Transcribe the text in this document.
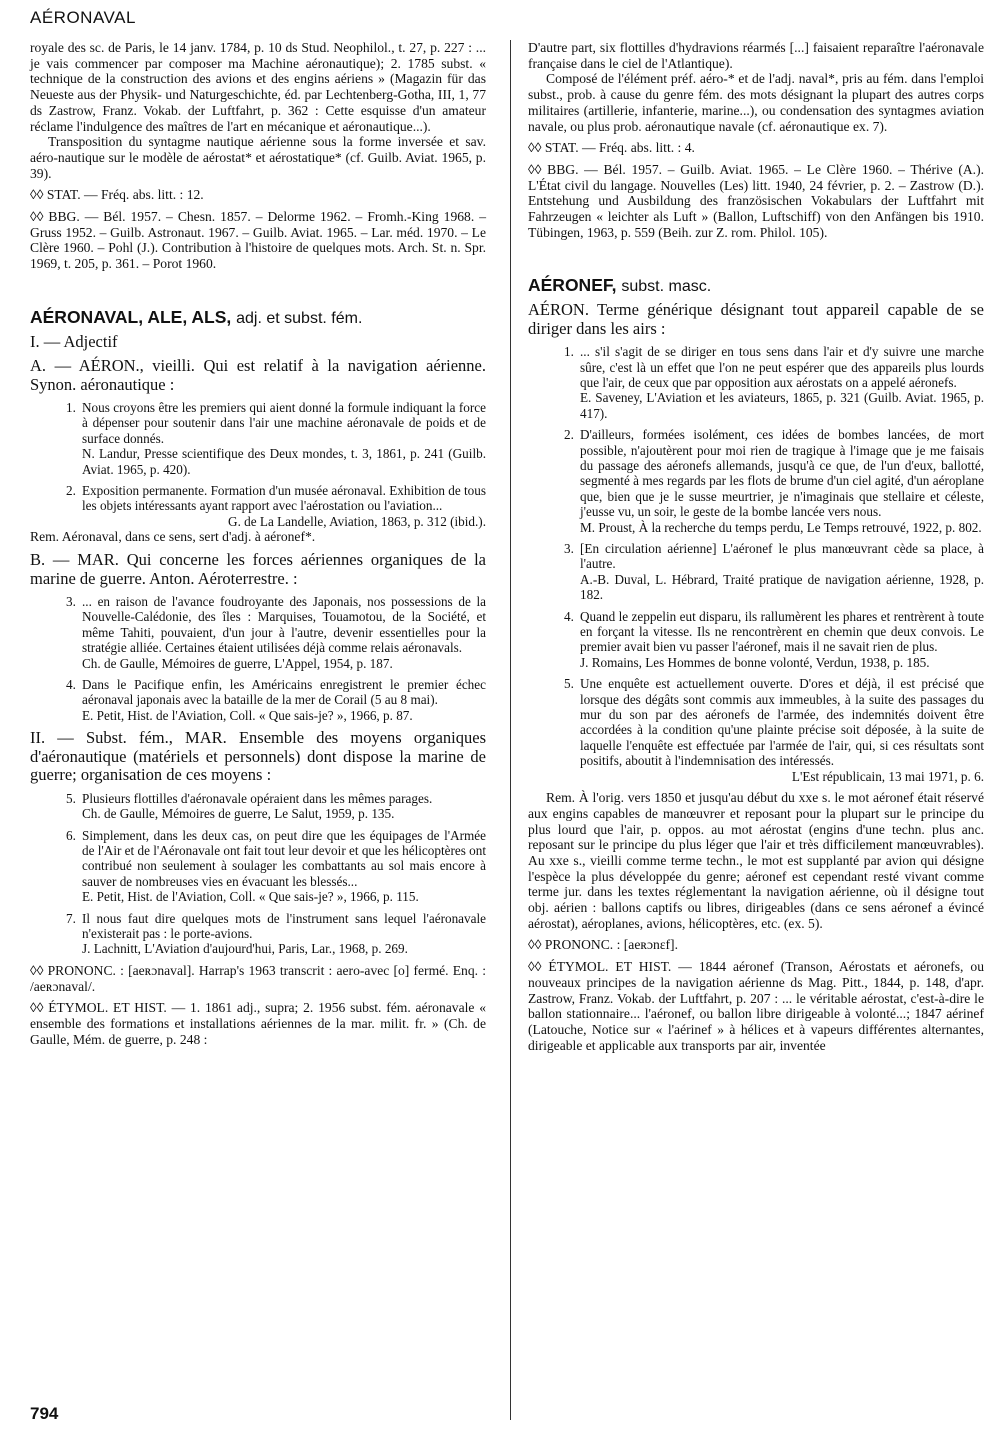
AÉRONAVAL

royale des sc. de Paris, le 14 janv. 1784, p. 10 ds Stud. Neophilol., t. 27, p. 227 : ... je vais commencer par composer ma Machine aéronautique); 2. 1785 subst. « technique de la construction des avions et des engins aériens » (Magazin für das Neueste aus der Physik- und Naturgeschichte, éd. par Lechtenberg-Gotha, III, 1, 77 ds Zastrow, Franz. Vokab. der Luftfahrt, p. 362 : Cette esquisse d'un amateur réclame l'indulgence des maîtres de l'art en mécanique et aéronautique...).

Transposition du syntagme nautique aérienne sous la forme inversée et sav. aéro-nautique sur le modèle de aérostat* et aérostatique* (cf. Guilb. Aviat. 1965, p. 39).

◊◊ STAT. — Fréq. abs. litt. : 12.

◊◊ BBG. — Bél. 1957. – Chesn. 1857. – Delorme 1962. – Fromh.-King 1968. – Gruss 1952. – Guilb. Astronaut. 1967. – Guilb. Aviat. 1965. – Lar. méd. 1970. – Le Clère 1960. – Pohl (J.). Contribution à l'histoire de quelques mots. Arch. St. n. Spr. 1969, t. 205, p. 361. – Porot 1960.

AÉRONAVAL, ALE, ALS, adj. et subst. fém.

I. — Adjectif

A. — AÉRON., vieilli. Qui est relatif à la navigation aérienne. Synon. aéronautique :

1. Nous croyons être les premiers qui aient donné la formule indiquant la force à dépenser pour soutenir dans l'air une machine aéronavale de poids et de surface donnés.

N. Landur, Presse scientifique des Deux mondes, t. 3, 1861, p. 241 (Guilb. Aviat. 1965, p. 420).

2. Exposition permanente. Formation d'un musée aéronaval. Exhibition de tous les objets intéressants ayant rapport avec l'aérostation ou l'aviation...

G. de La Landelle, Aviation, 1863, p. 312 (ibid.).

Rem. Aéronaval, dans ce sens, sert d'adj. à aéronef*.

B. — MAR. Qui concerne les forces aériennes organiques de la marine de guerre. Anton. Aéroterrestre. :

3. ... en raison de l'avance foudroyante des Japonais, nos possessions de la Nouvelle-Calédonie, des îles : Marquises, Touamotou, de la Société, et même Tahiti, pouvaient, d'un jour à l'autre, devenir essentielles pour la stratégie alliée. Certaines étaient utilisées déjà comme relais aéronavals.

Ch. de Gaulle, Mémoires de guerre, L'Appel, 1954, p. 187.

4. Dans le Pacifique enfin, les Américains enregistrent le premier échec aéronaval japonais avec la bataille de la mer de Corail (5 au 8 mai).

E. Petit, Hist. de l'Aviation, Coll. « Que sais-je? », 1966, p. 87.

II. — Subst. fém., MAR. Ensemble des moyens organiques d'aéronautique (matériels et personnels) dont dispose la marine de guerre; organisation de ces moyens :

5. Plusieurs flottilles d'aéronavale opéraient dans les mêmes parages.

Ch. de Gaulle, Mémoires de guerre, Le Salut, 1959, p. 135.

6. Simplement, dans les deux cas, on peut dire que les équipages de l'Armée de l'Air et de l'Aéronavale ont fait tout leur devoir et que les hélicoptères ont contribué non seulement à soulager les combattants au sol mais encore à sauver de nombreuses vies en évacuant les blessés...

E. Petit, Hist. de l'Aviation, Coll. « Que sais-je? », 1966, p. 115.

7. Il nous faut dire quelques mots de l'instrument sans lequel l'aéronavale n'existerait pas : le porte-avions.

J. Lachnitt, L'Aviation d'aujourd'hui, Paris, Lar., 1968, p. 269.

◊◊ PRONONC. : [aeʀɔnaval]. Harrap's 1963 transcrit : aero-avec [o] fermé. Enq. : /aeʀɔnaval/.

◊◊ ÉTYMOL. ET HIST. — 1. 1861 adj., supra; 2. 1956 subst. fém. aéronavale « ensemble des formations et installations aériennes de la mar. milit. fr. » (Ch. de Gaulle, Mém. de guerre, p. 248 :

D'autre part, six flottilles d'hydravions réarmés [...] faisaient reparaître l'aéronavale française dans le ciel de l'Atlantique).

Composé de l'élément préf. aéro-* et de l'adj. naval*, pris au fém. dans l'emploi subst., prob. à cause du genre fém. des mots désignant la plupart des autres corps militaires (artillerie, infanterie, marine...), ou condensation des syntagmes aviation navale, ou plus prob. aéronautique navale (cf. aéronautique ex. 7).

◊◊ STAT. — Fréq. abs. litt. : 4.

◊◊ BBG. — Bél. 1957. – Guilb. Aviat. 1965. – Le Clère 1960. – Thérive (A.). L'État civil du langage. Nouvelles (Les) litt. 1940, 24 février, p. 2. – Zastrow (D.). Entstehung und Ausbildung des französischen Vokabulars der Luftfahrt mit Fahrzeugen « leichter als Luft » (Ballon, Luftschiff) von den Anfängen bis 1910. Tübingen, 1963, p. 559 (Beih. zur Z. rom. Philol. 105).

AÉRONEF, subst. masc.

AÉRON. Terme générique désignant tout appareil capable de se diriger dans les airs :

1. ... s'il s'agit de se diriger en tous sens dans l'air et d'y suivre une marche sûre, c'est là un effet que l'on ne peut espérer que des appareils plus lourds que l'air, de ceux que par opposition aux aérostats on a appelé aéronefs.

E. Saveney, L'Aviation et les aviateurs, 1865, p. 321 (Guilb. Aviat. 1965, p. 417).

2. D'ailleurs, formées isolément, ces idées de bombes lancées, de mort possible, n'ajoutèrent pour moi rien de tragique à l'image que je me faisais du passage des aéronefs allemands, jusqu'à ce que, de l'un d'eux, ballotté, segmenté à mes regards par les flots de brume d'un ciel agité, d'un aéroplane que, bien que je le susse meurtrier, je n'imaginais que stellaire et céleste, j'eusse vu, un soir, le geste de la bombe lancée vers nous.

M. Proust, À la recherche du temps perdu, Le Temps retrouvé, 1922, p. 802.

3. [En circulation aérienne] L'aéronef le plus manœuvrant cède sa place, à l'autre.

A.-B. Duval, L. Hébrard, Traité pratique de navigation aérienne, 1928, p. 182.

4. Quand le zeppelin eut disparu, ils rallumèrent les phares et rentrèrent à toute en forçant la vitesse. Ils ne rencontrèrent en chemin que deux convois. Le premier avait bien vu passer l'aéronef, mais il ne savait rien de plus.

J. Romains, Les Hommes de bonne volonté, Verdun, 1938, p. 185.

5. Une enquête est actuellement ouverte. D'ores et déjà, il est précisé que lorsque des dégâts sont commis aux immeubles, à la suite des passages du mur du son par des aéronefs de l'armée, des indemnités doivent être accordées à la condition qu'une plainte précise soit déposée, à la suite de laquelle l'enquête est effectuée par l'armée de l'air, qui, si ces résultats sont positifs, aboutit à l'indemnisation des intéressés.

L'Est républicain, 13 mai 1971, p. 6.

Rem. À l'orig. vers 1850 et jusqu'au début du xxe s. le mot aéronef était réservé aux engins capables de manœuvrer et reposant pour la plupart sur le principe du plus lourd que l'air, p. oppos. au mot aérostat (engins d'une techn. plus anc. reposant sur le principe du plus léger que l'air et très difficilement manœuvrables). Au xxe s., vieilli comme terme techn., le mot est supplanté par avion qui désigne l'espèce la plus développée du genre; aéronef est cependant resté vivant comme terme jur. dans les textes réglementant la navigation aérienne, où il désigne tout obj. aérien : ballons captifs ou libres, dirigeables (dans ce sens aéronef a évincé aérostat), aéroplanes, avions, hélicoptères, etc. (ex. 5).

◊◊ PRONONC. : [aeʀɔnɛf].

◊◊ ÉTYMOL. ET HIST. — 1844 aéronef (Transon, Aérostats et aéronefs, ou nouveaux principes de la navigation aérienne ds Mag. Pitt., 1844, p. 148, d'apr. Zastrow, Franz. Vokab. der Luftfahrt, p. 207 : ... le véritable aérostat, c'est-à-dire le ballon stationnaire... l'aéronef, ou ballon libre dirigeable à volonté...; 1847 aérinef (Latouche, Notice sur « l'aérinef » à hélices et à vapeurs différentes alternantes, dirigeable et applicable aux transports par air, inventée

794
